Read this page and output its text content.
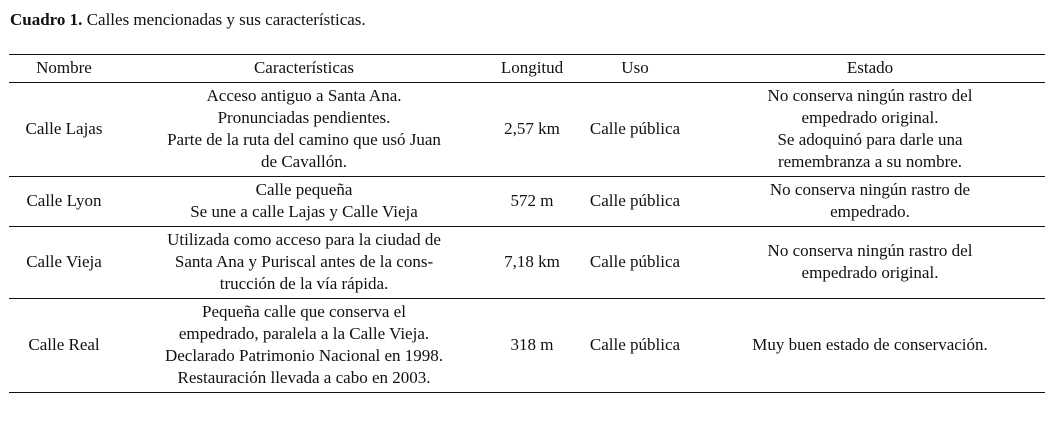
Cuadro 1. Calles mencionadas y sus características.
Nombre	Características	Longitud	Uso	Estado
Calle Lajas	Acceso antiguo a Santa Ana.
Pronunciadas pendientes.
Parte de la ruta del camino que usó Juan
de Cavallón.	2,57 km	Calle pública	No conserva ningún rastro del
empedrado original.
Se adoquinó para darle una
remembranza a su nombre.

Calle Lyon	Calle pequeña
Se une a calle Lajas y Calle Vieja	572 m	Calle pública	No conserva ningún rastro de
empedrado.

Calle Vieja	Utilizada como acceso para la ciudad de
Santa Ana y Puriscal antes de la cons-
trucción de la vía rápida.	7,18 km	Calle pública	No conserva ningún rastro del
empedrado original.

Calle Real	Pequeña calle que conserva el
empedrado, paralela a la Calle Vieja.
Declarado Patrimonio Nacional en 1998.
Restauración llevada a cabo en 2003.	318 m	Calle pública	Muy buen estado de conservación.
